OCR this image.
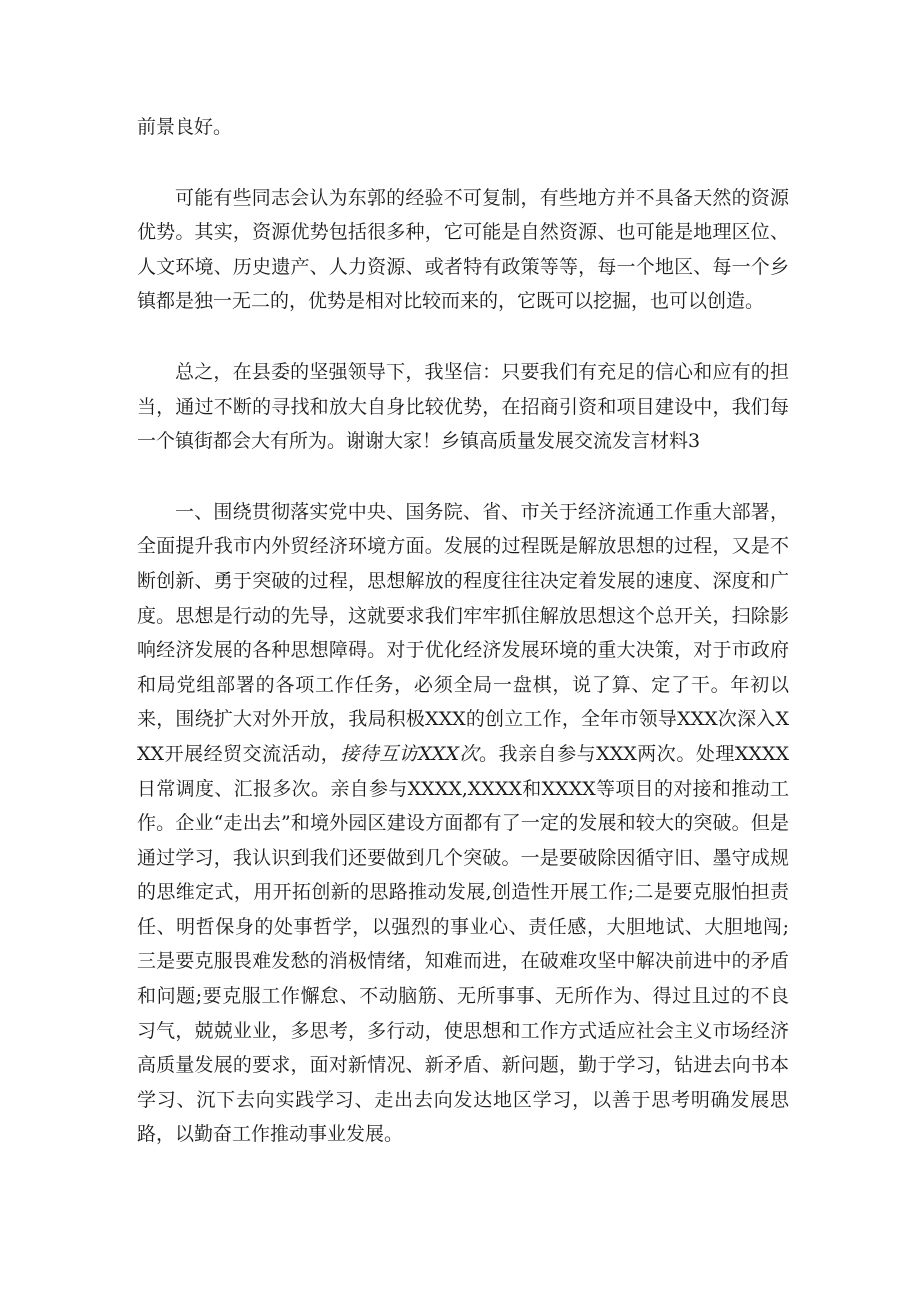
前景良好。

可能有些同志会认为东郭的经验不可复制，有些地方并不具备天然的资源优势。其实，资源优势包括很多种，它可能是自然资源、也可能是地理区位、人文环境、历史遗产、人力资源、或者特有政策等等，每一个地区、每一个乡镇都是独一无二的，优势是相对比较而来的，它既可以挖掘，也可以创造。

总之，在县委的坚强领导下，我坚信：只要我们有充足的信心和应有的担当，通过不断的寻找和放大自身比较优势，在招商引资和项目建设中，我们每一个镇街都会大有所为。谢谢大家！乡镇高质量发展交流发言材料3

一、围绕贯彻落实党中央、国务院、省、市关于经济流通工作重大部署，全面提升我市内外贸经济环境方面。发展的过程既是解放思想的过程，又是不断创新、勇于突破的过程，思想解放的程度往往决定着发展的速度、深度和广度。思想是行动的先导，这就要求我们牢牢抓住解放思想这个总开关，扫除影响经济发展的各种思想障碍。对于优化经济发展环境的重大决策，对于市政府和局党组部署的各项工作任务，必须全局一盘棋，说了算、定了干。年初以来，围绕扩大对外开放，我局积极XXX的创立工作，全年市领导XXX次深入XXX开展经贸交流活动，接待互访XXX次。我亲自参与XXX两次。处理XXXX日常调度、汇报多次。亲自参与XXXX,XXXX和XXXX等项目的对接和推动工作。企业“走出去”和境外园区建设方面都有了一定的发展和较大的突破。但是通过学习，我认识到我们还要做到几个突破。一是要破除因循守旧、墨守成规的思维定式，用开拓创新的思路推动发展,创造性开展工作;二是要克服怕担责任、明哲保身的处事哲学，以强烈的事业心、责任感，大胆地试、大胆地闯;三是要克服畏难发愁的消极情绪，知难而进，在破难攻坚中解决前进中的矛盾和问题;要克服工作懈怠、不动脑筋、无所事事、无所作为、得过且过的不良习气，兢兢业业，多思考，多行动，使思想和工作方式适应社会主义市场经济高质量发展的要求，面对新情况、新矛盾、新问题，勤于学习，钻进去向书本学习、沉下去向实践学习、走出去向发达地区学习，以善于思考明确发展思路，以勤奋工作推动事业发展。
